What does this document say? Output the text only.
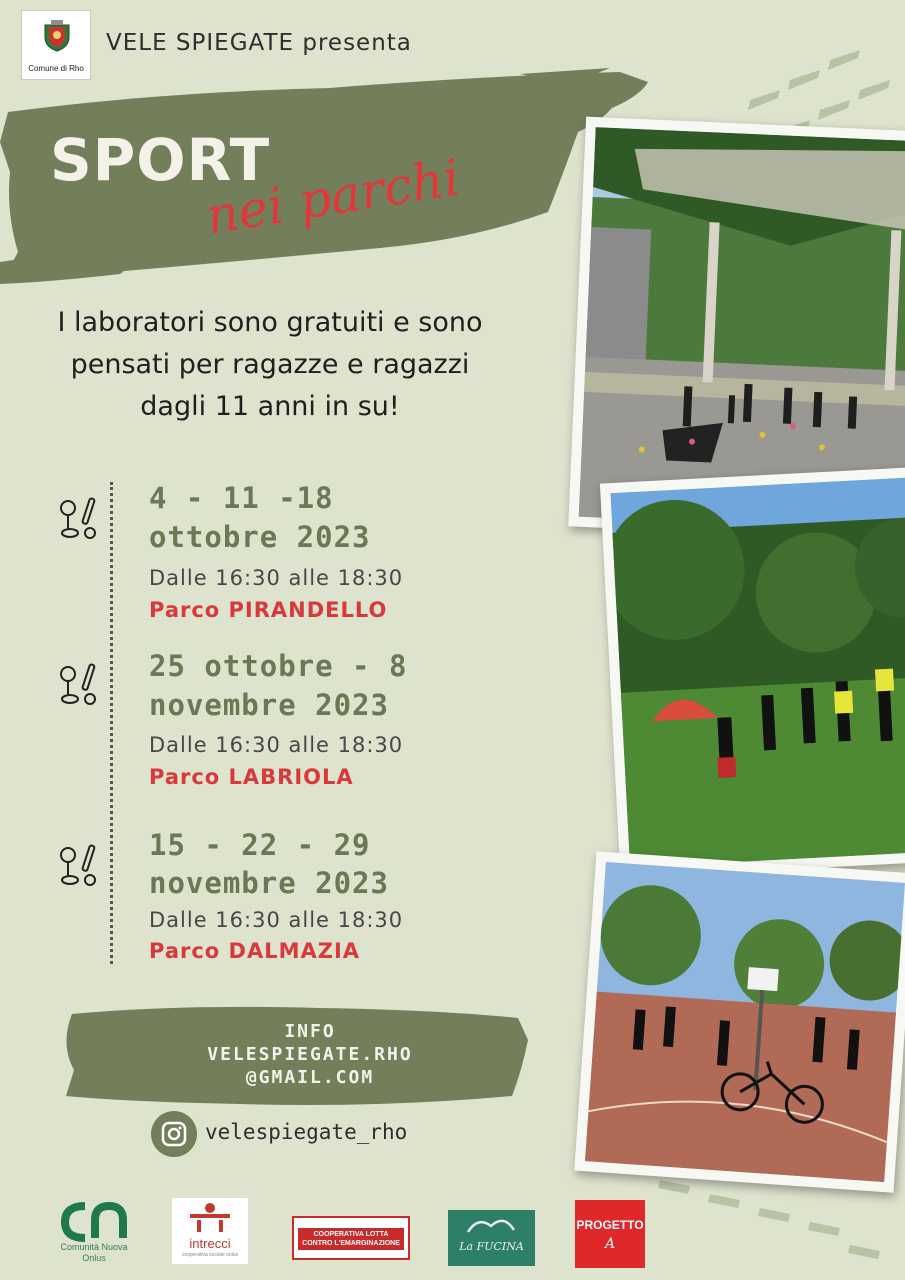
Comune di Rho
VELE SPIEGATE presenta
SPORT
nei parchi
I laboratori sono gratuiti e sono
pensati per ragazze e ragazzi
dagli 11 anni in su!
4 - 11 -18
ottobre 2023
Dalle 16:30 alle 18:30
Parco PIRANDELLO
25 ottobre - 8
novembre 2023
Dalle 16:30 alle 18:30
Parco LABRIOLA
15 - 22 - 29
novembre 2023
Dalle 16:30 alle 18:30
Parco DALMAZIA
INFO
VELESPIEGATE.RHO
@GMAIL.COM
velespiegate_rho
Comunità Nuova
Onlus
intrecci
cooperativa sociale onlus
COOPERATIVA LOTTA
CONTRO L'EMARGINAZIONE	La FUCINA
PROGETTO
A
